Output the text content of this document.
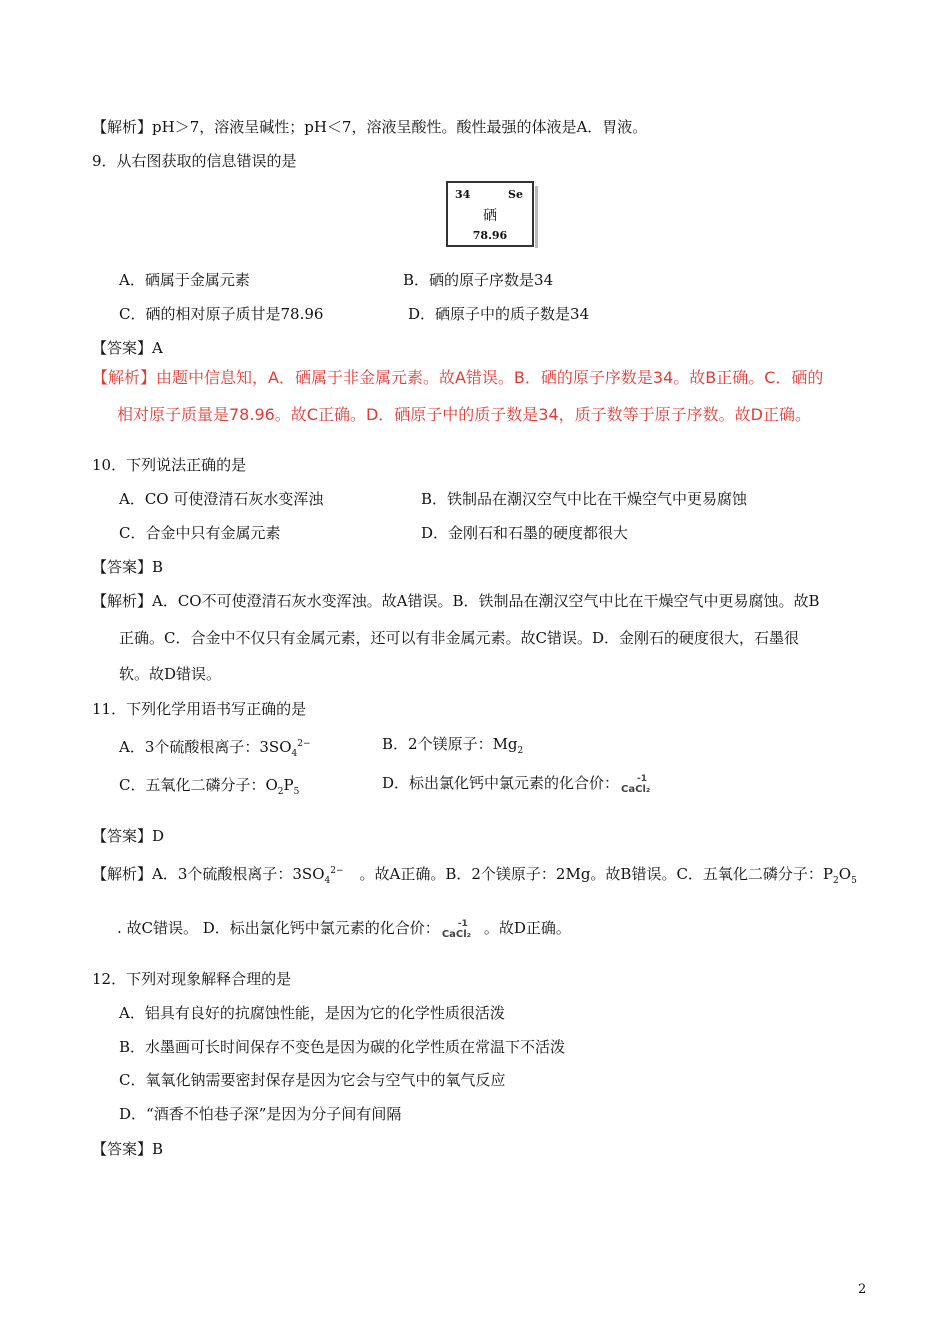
【解析】pH＞7，溶液呈碱性；pH＜7，溶液呈酸性。酸性最强的体液是A．胃液。
9．从右图获取的信息错误的是
34	Se
硒
78.96
A．硒属于金属元素	B．硒的原子序数是34
C．硒的相对原子质甘是78.96	D．硒原子中的质子数是34
【答案】A
【解析】由题中信息知，A．硒属于非金属元素。故A错误。B．硒的原子序数是34。故B正确。C．硒的
相对原子质量是78.96。故C正确。D．硒原子中的质子数是34，质子数等于原子序数。故D正确。
10．下列说法正确的是
A．CO 可使澄清石灰水变浑浊	B．铁制品在潮汉空气中比在干燥空气中更易腐蚀
C．合金中只有金属元素	D．金刚石和石墨的硬度都很大
【答案】B
【解析】A．CO不可使澄清石灰水变浑浊。故A错误。B．铁制品在潮汉空气中比在干燥空气中更易腐蚀。故B
正确。C．合金中不仅只有金属元素，还可以有非金属元素。故C错误。D．金刚石的硬度很大，石墨很
软。故D错误。
11．下列化学用语书写正确的是
A．3个硫酸根离子：$3SO_4^{2-}$	B．2个镁原子：$Mg_2$
C．五氧化二磷分子：$O_2P_5$	D．标出氯化钙中氯元素的化合价： -1
CaCl₂
【答案】D
【解析】A．3个硫酸根离子：$3SO_4^{2-}$ 。故A正确。B．2个镁原子：2Mg。故B错误。C．五氧化二磷分子：$P_2O_5$
. 故C错误。 D．标出氯化钙中氯元素的化合价： -1
CaCl₂ 。故D正确。
12．下列对现象解释合理的是
A．铝具有良好的抗腐蚀性能，是因为它的化学性质很活泼
B．水墨画可长时间保存不变色是因为碳的化学性质在常温下不活泼
C．氧氧化钠需要密封保存是因为它会与空气中的氧气反应
D．“酒香不怕巷子深”是因为分子间有间隔
【答案】B
2
